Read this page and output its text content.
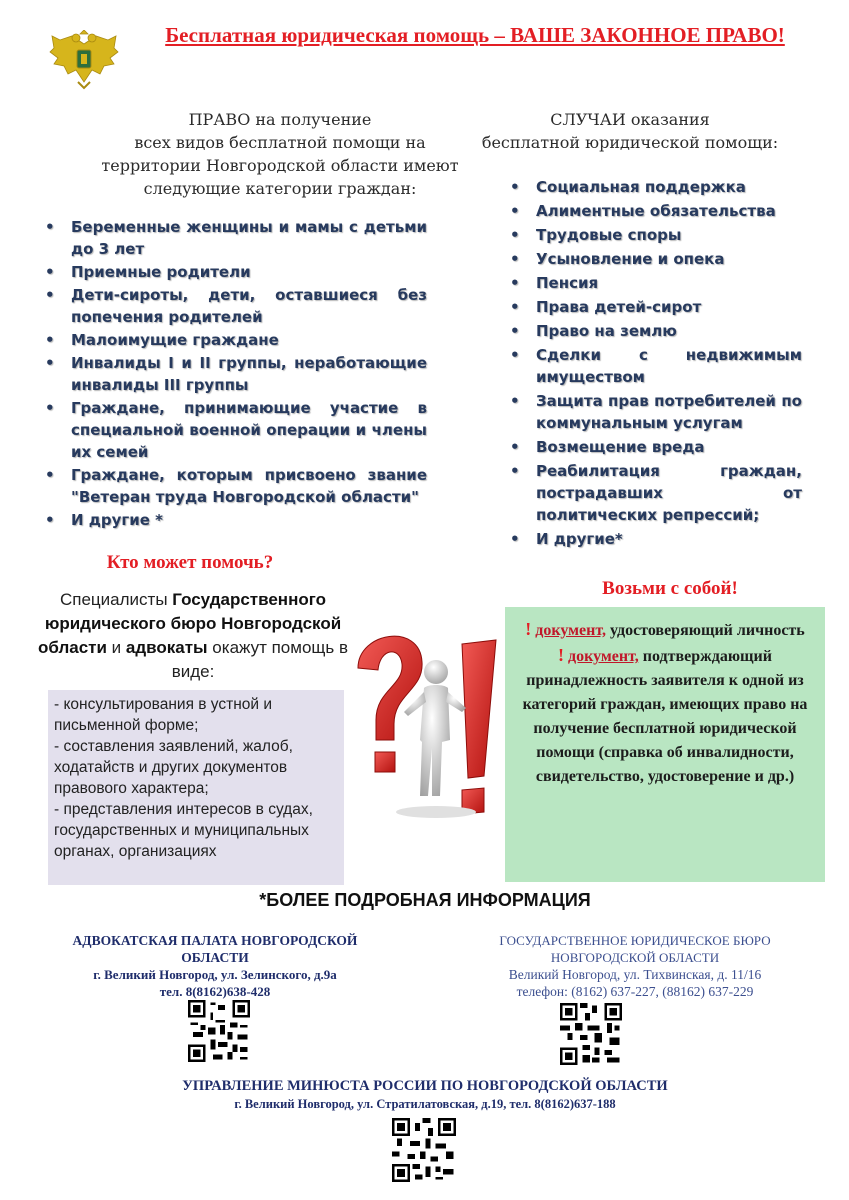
Бесплатная юридическая помощь – ВАШЕ ЗАКОННОЕ ПРАВО!
ПРАВО на получение
всех видов бесплатной помощи на
территории Новгородской области имеют
следующие категории граждан:
СЛУЧАИ оказания
бесплатной юридической помощи:
• Беременные женщины и мамы с детьми до 3 лет
• Приемные родители
• Дети-сироты, дети, оставшиеся без попечения родителей
• Малоимущие граждане
• Инвалиды I и II группы, неработающие инвалиды III группы
• Граждане, принимающие участие в специальной военной операции и члены их семей
• Граждане, которым присвоено звание "Ветеран труда Новгородской области"
• И другие *
• Социальная поддержка
• Алиментные обязательства
• Трудовые споры
• Усыновление и опека
• Пенсия
• Права детей-сирот
• Право на землю
• Сделки с недвижимым имуществом
• Защита прав потребителей по коммунальным услугам
• Возмещение вреда
• Реабилитация граждан, пострадавших от политических репрессий;
• И другие*
Кто может помочь?
Специалисты Государственного юридического бюро Новгородской области и адвокаты окажут помощь в виде:
- консультирования в устной и письменной форме;
- составления заявлений, жалоб, ходатайств и других документов правового характера;
- представления интересов в судах, государственных и муниципальных органах, организациях
Возьми с собой!
! документ, удостоверяющий личность
! документ, подтверждающий принадлежность заявителя к одной из категорий граждан, имеющих право на получение бесплатной юридической помощи (справка об инвалидности, свидетельство, удостоверение и др.)
*БОЛЕЕ ПОДРОБНАЯ ИНФОРМАЦИЯ
АДВОКАТСКАЯ ПАЛАТА НОВГОРОДСКОЙ ОБЛАСТИ
г. Великий Новгород, ул. Зелинского, д.9а
тел. 8(8162)638-428
ГОСУДАРСТВЕННОЕ ЮРИДИЧЕСКОЕ БЮРО НОВГОРОДСКОЙ ОБЛАСТИ
Великий Новгород, ул. Тихвинская, д. 11/16
телефон: (8162) 637-227, (88162) 637-229
УПРАВЛЕНИЕ МИНЮСТА РОССИИ ПО НОВГОРОДСКОЙ ОБЛАСТИ
г. Великий Новгород, ул. Стратилатовская, д.19, тел. 8(8162)637-188
